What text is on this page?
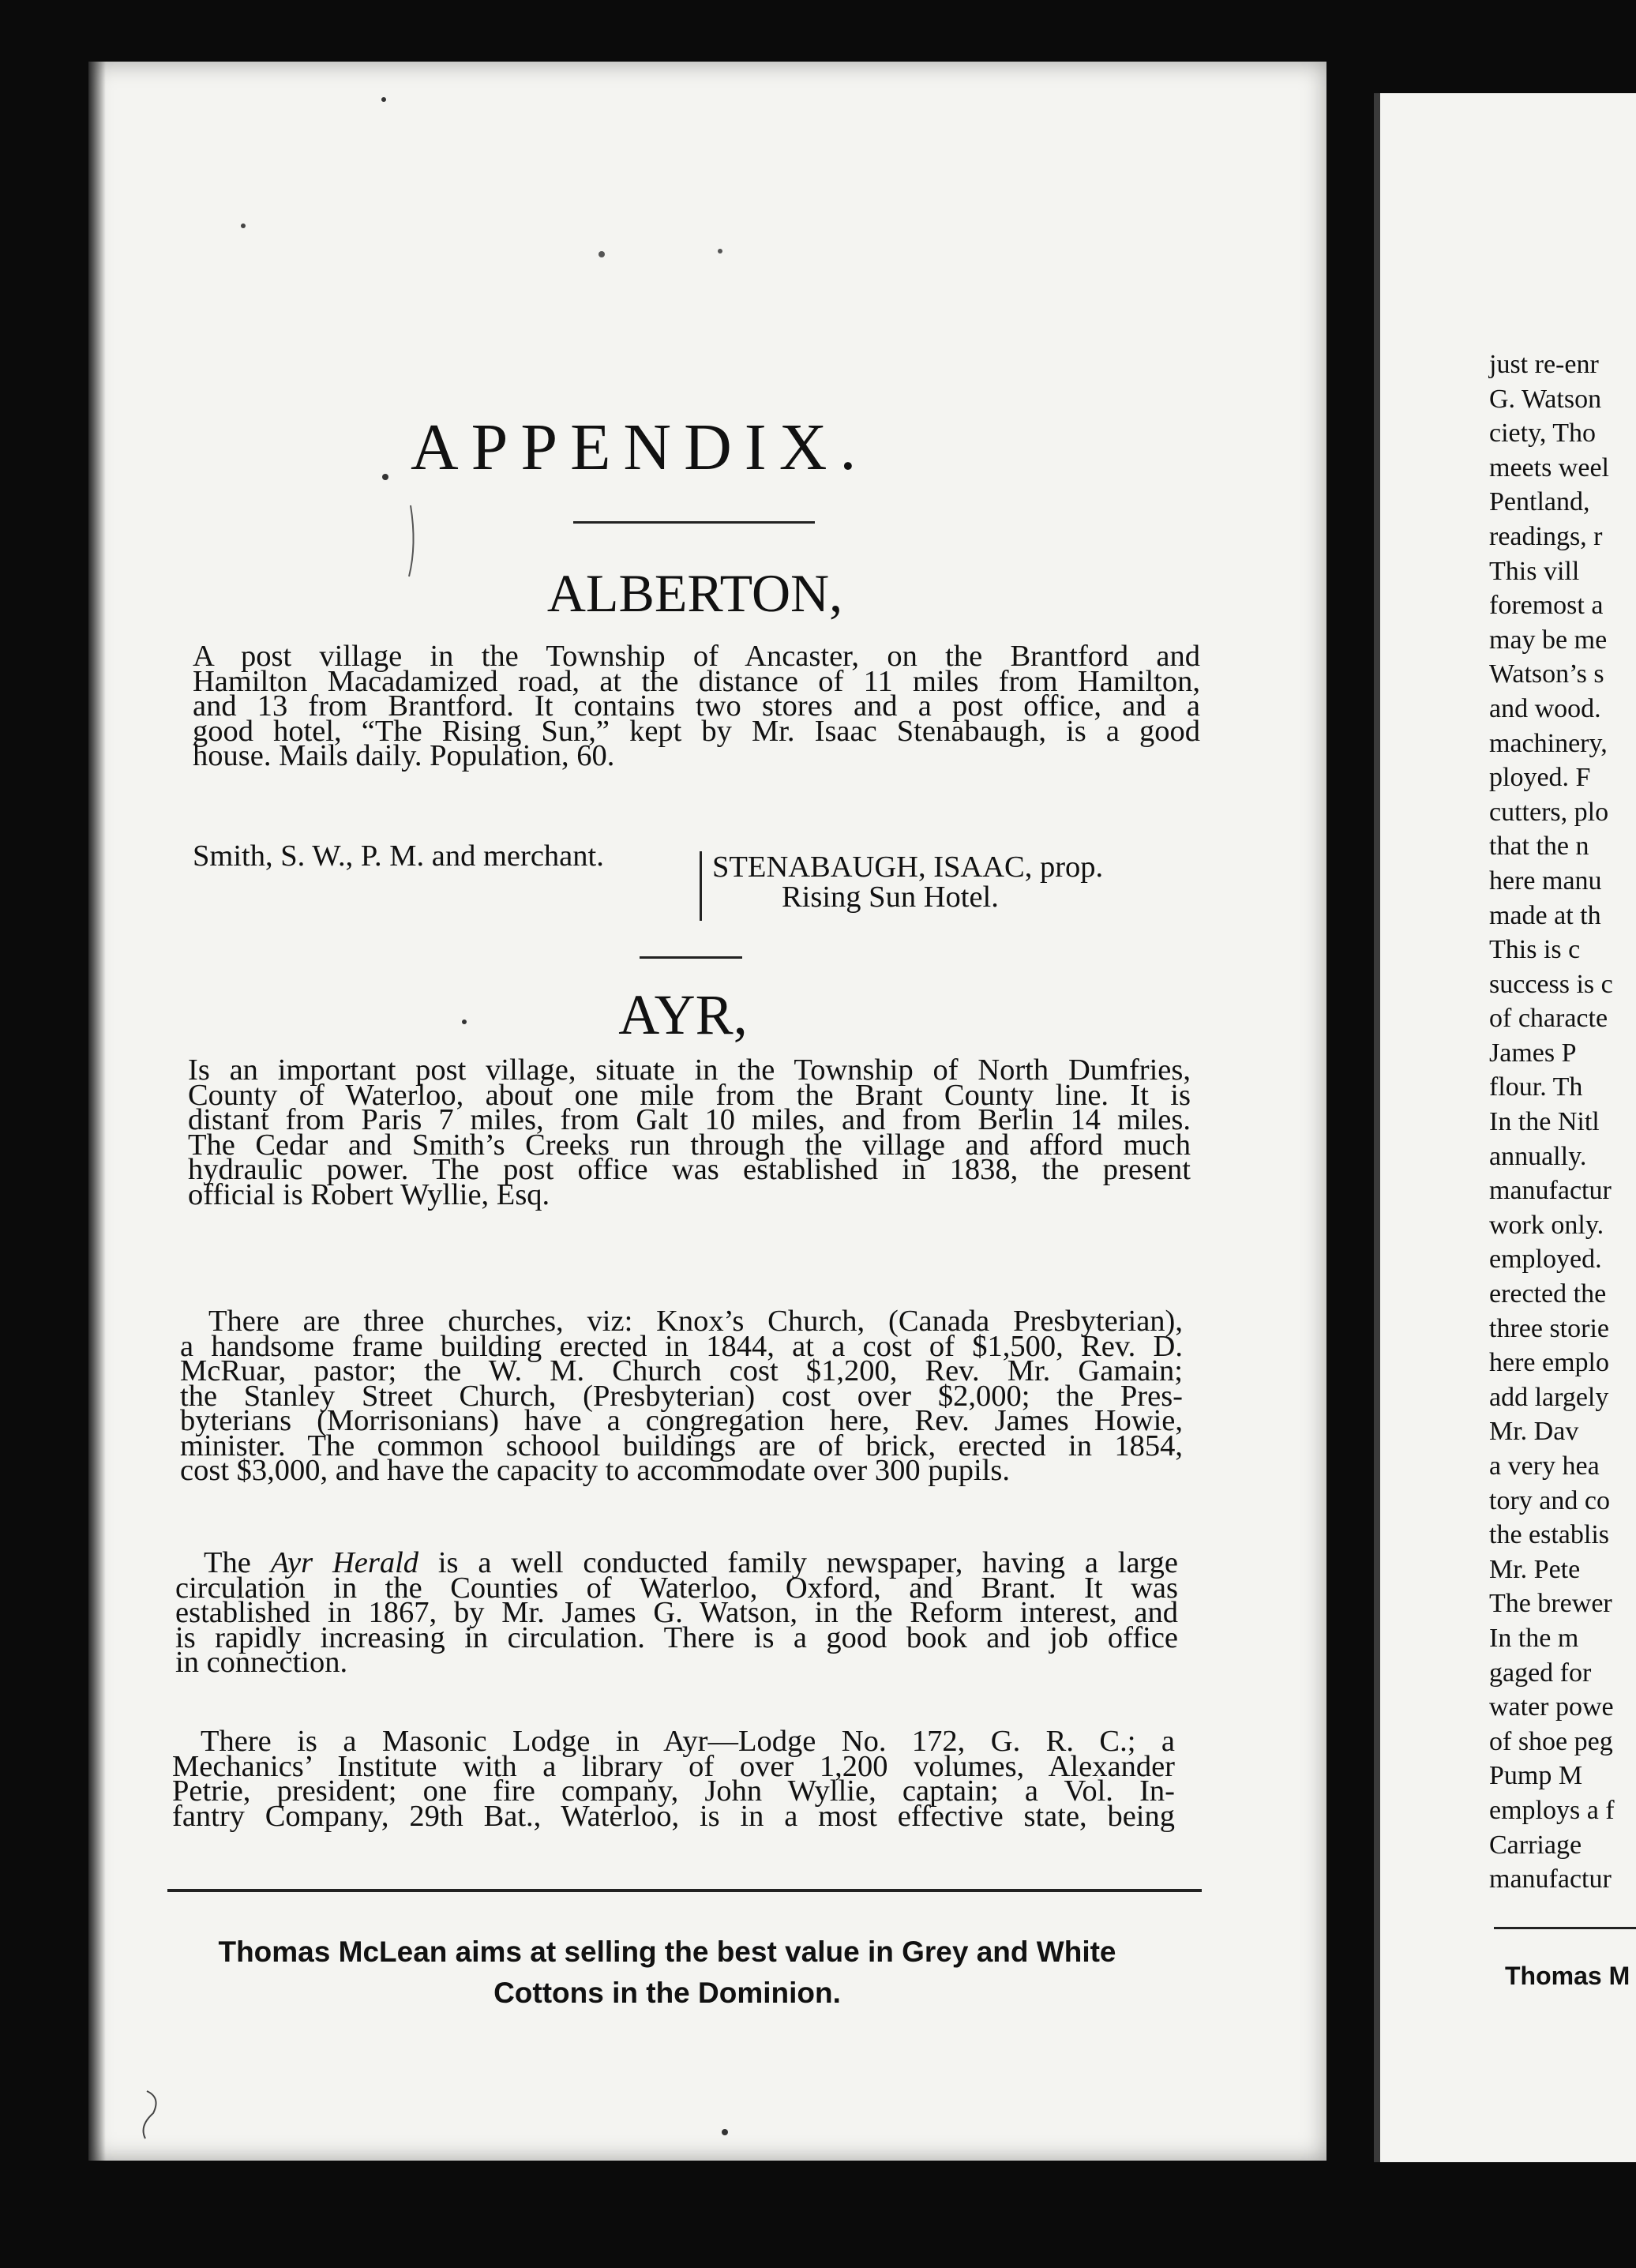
APPENDIX.
ALBERTON,
A post village in the Township of Ancaster, on the Brantford and
Hamilton Macadamized road, at the distance of 11 miles from Hamilton,
and 13 from Brantford. It contains two stores and a post office, and a
good hotel, “The Rising Sun,” kept by Mr. Isaac Stenabaugh, is a good
house. Mails daily. Population, 60.
Smith, S. W., P. M. and merchant.	STENABAUGH, ISAAC, prop.
Rising Sun Hotel.
AYR,
Is an important post village, situate in the Township of North Dumfries,
County of Waterloo, about one mile from the Brant County line. It is
distant from Paris 7 miles, from Galt 10 miles, and from Berlin 14 miles.
The Cedar and Smith’s Creeks run through the village and afford much
hydraulic power. The post office was established in 1838, the present
official is Robert Wyllie, Esq.
There are three churches, viz: Knox’s Church, (Canada Presbyterian),
a handsome frame building erected in 1844, at a cost of $1,500, Rev. D.
McRuar, pastor; the W. M. Church cost $1,200, Rev. Mr. Gamain;
the Stanley Street Church, (Presbyterian) cost over $2,000; the Pres-
byterians (Morrisonians) have a congregation here, Rev. James Howie,
minister. The common schoool buildings are of brick, erected in 1854,
cost $3,000, and have the capacity to accommodate over 300 pupils.
The Ayr Herald is a well conducted family newspaper, having a large
circulation in the Counties of Waterloo, Oxford, and Brant. It was
established in 1867, by Mr. James G. Watson, in the Reform interest, and
is rapidly increasing in circulation. There is a good book and job office
in connection.
There is a Masonic Lodge in Ayr—Lodge No. 172, G. R. C.; a
Mechanics’ Institute with a library of over 1,200 volumes, Alexander
Petrie, president; one fire company, John Wyllie, captain; a Vol. In-
fantry Company, 29th Bat., Waterloo, is in a most effective state, being
Thomas McLean aims at selling the best value in Grey and White
Cottons in the Dominion.
just re-enr
G. Watson
ciety, Tho
meets weel
Pentland,
readings, r
This vill
foremost a
may be me
Watson’s s
and wood.
machinery,
ployed. F
cutters, plo
that the n
here manu
made at th
This is c
success is c
of characte
James P
flour. Th
In the Nitl
annually.
manufactur
work only.
employed.
erected the
three storie
here emplo
add largely
Mr. Dav
a very hea
tory and co
the establis
Mr. Pete
The brewer
In the m
gaged for
water powe
of shoe peg
Pump M
employs a f
Carriage
manufactur
Thomas M
